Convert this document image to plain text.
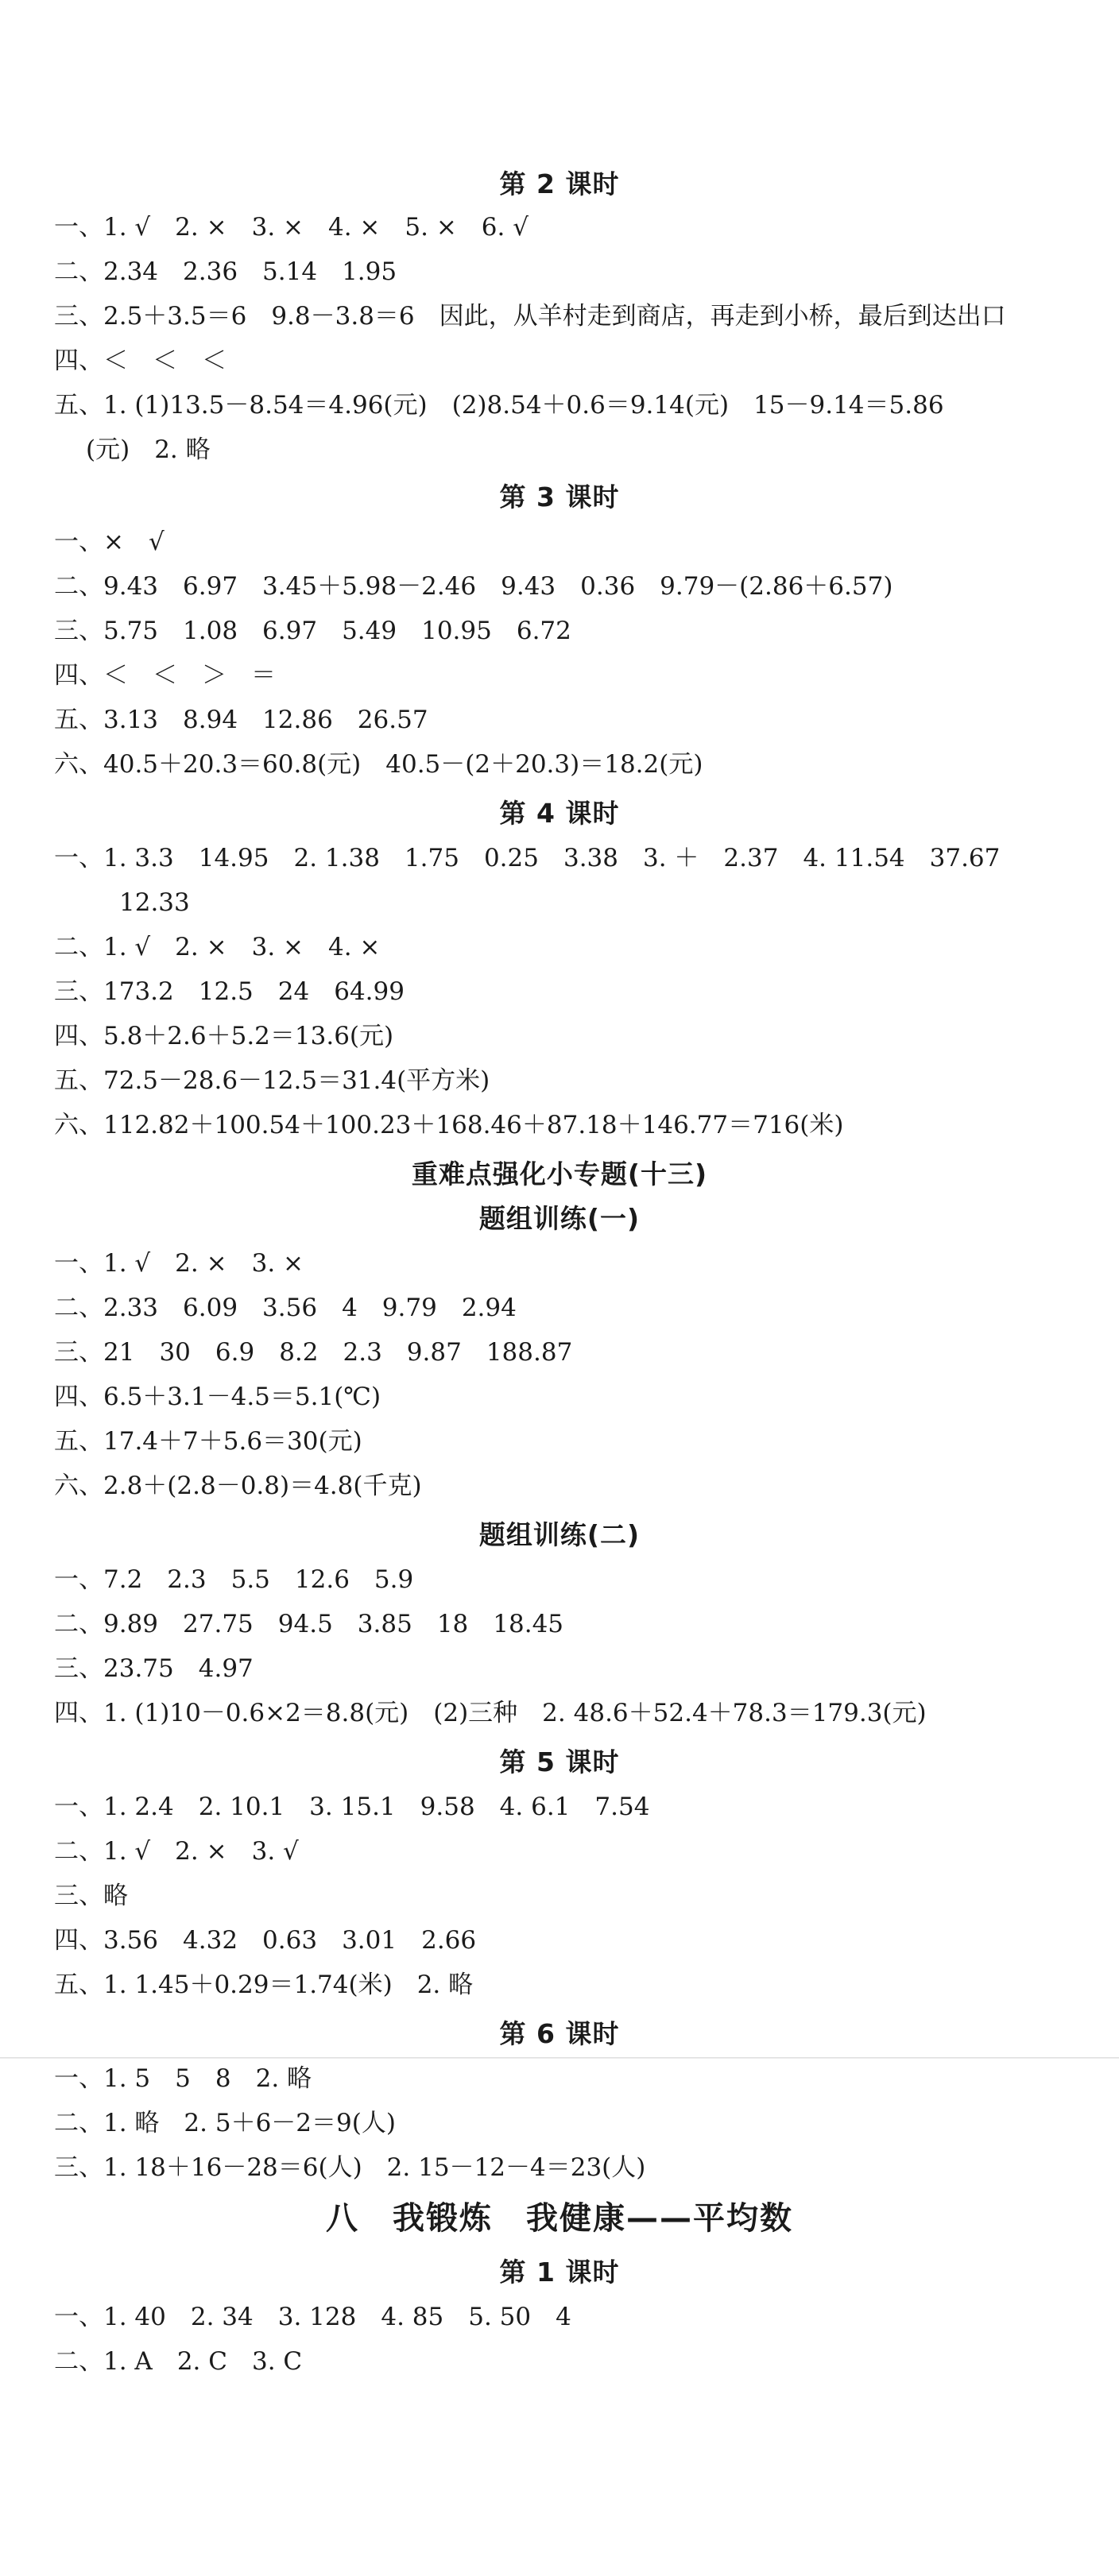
第 2 课时
一、1. √　2. ×　3. ×　4. ×　5. ×　6. √
二、2.34　2.36　5.14　1.95
三、2.5＋3.5＝6　9.8－3.8＝6　因此，从羊村走到商店，再走到小桥，最后到达出口
四、＜　＜　＜
五、1. (1)13.5－8.54＝4.96(元)　(2)8.54＋0.6＝9.14(元)　15－9.14＝5.86
(元)　2. 略
第 3 课时
一、×　√
二、9.43　6.97　3.45＋5.98－2.46　9.43　0.36　9.79－(2.86＋6.57)
三、5.75　1.08　6.97　5.49　10.95　6.72
四、＜　＜　＞　＝
五、3.13　8.94　12.86　26.57
六、40.5＋20.3＝60.8(元)　40.5－(2＋20.3)＝18.2(元)
第 4 课时
一、1. 3.3　14.95　2. 1.38　1.75　0.25　3.38　3. ＋　2.37　4. 11.54　37.67
12.33
二、1. √　2. ×　3. ×　4. ×
三、173.2　12.5　24　64.99
四、5.8＋2.6＋5.2＝13.6(元)
五、72.5－28.6－12.5＝31.4(平方米)
六、112.82＋100.54＋100.23＋168.46＋87.18＋146.77＝716(米)
重难点强化小专题(十三)
题组训练(一)
一、1. √　2. ×　3. ×
二、2.33　6.09　3.56　4　9.79　2.94
三、21　30　6.9　8.2　2.3　9.87　188.87
四、6.5＋3.1－4.5＝5.1(℃)
五、17.4＋7＋5.6＝30(元)
六、2.8＋(2.8－0.8)＝4.8(千克)
题组训练(二)
一、7.2　2.3　5.5　12.6　5.9
二、9.89　27.75　94.5　3.85　18　18.45
三、23.75　4.97
四、1. (1)10－0.6×2＝8.8(元)　(2)三种　2. 48.6＋52.4＋78.3＝179.3(元)
第 5 课时
一、1. 2.4　2. 10.1　3. 15.1　9.58　4. 6.1　7.54
二、1. √　2. ×　3. √
三、略
四、3.56　4.32　0.63　3.01　2.66
五、1. 1.45＋0.29＝1.74(米)　2. 略
第 6 课时
一、1. 5　5　8　2. 略
二、1. 略　2. 5＋6－2＝9(人)
三、1. 18＋16－28＝6(人)　2. 15－12－4＝23(人)
八　我锻炼　我健康——平均数
第 1 课时
一、1. 40　2. 34　3. 128　4. 85　5. 50　4
二、1. A　2. C　3. C
